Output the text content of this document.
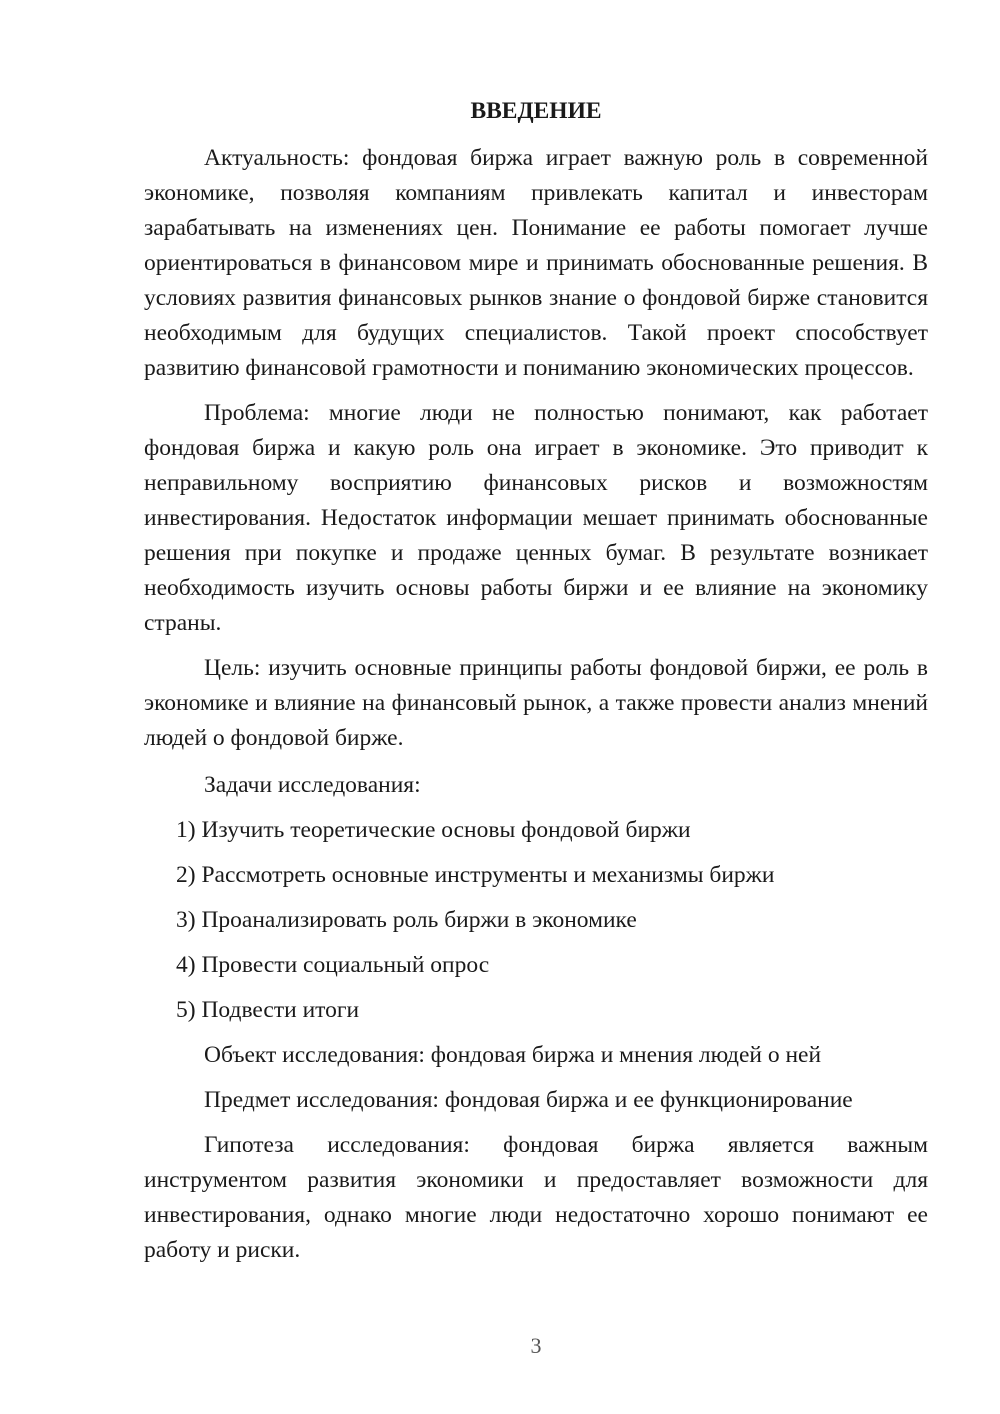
ВВЕДЕНИЕ

Актуальность: фондовая биржа играет важную роль в современной экономике, позволяя компаниям привлекать капитал и инвесторам зарабатывать на изменениях цен. Понимание ее работы помогает лучше ориентироваться в финансовом мире и принимать обоснованные решения. В условиях развития финансовых рынков знание о фондовой бирже становится необходимым для будущих специалистов. Такой проект способствует развитию финансовой грамотности и пониманию экономических процессов.

Проблема: многие люди не полностью понимают, как работает фондовая биржа и какую роль она играет в экономике. Это приводит к неправильному восприятию финансовых рисков и возможностям инвестирования. Недостаток информации мешает принимать обоснованные решения при покупке и продаже ценных бумаг. В результате возникает необходимость изучить основы работы биржи и ее влияние на экономику страны.

Цель: изучить основные принципы работы фондовой биржи, ее роль в экономике и влияние на финансовый рынок, а также провести анализ мнений людей о фондовой бирже.

Задачи исследования:

1) Изучить теоретические основы фондовой биржи
2) Рассмотреть основные инструменты и механизмы биржи
3) Проанализировать роль биржи в экономике
4) Провести социальный опрос
5) Подвести итоги

Объект исследования: фондовая биржа и мнения людей о ней

Предмет исследования: фондовая биржа и ее функционирование

Гипотеза исследования: фондовая биржа является важным инструментом развития экономики и предоставляет возможности для инвестирования, однако многие люди недостаточно хорошо понимают ее работу и риски.

3
